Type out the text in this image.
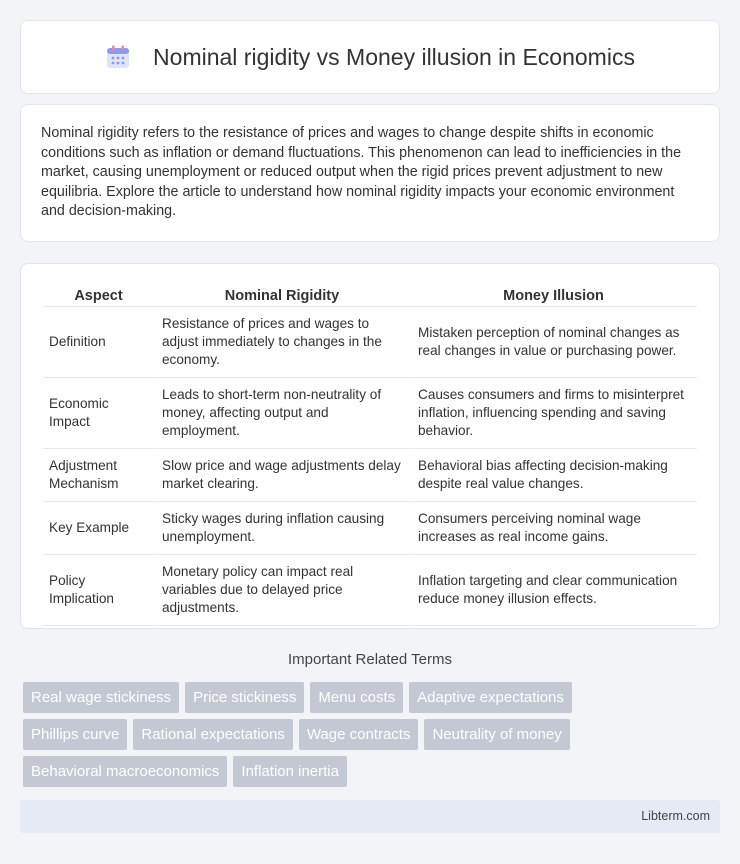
Nominal rigidity vs Money illusion in Economics

Nominal rigidity refers to the resistance of prices and wages to change despite shifts in economic conditions such as inflation or demand fluctuations. This phenomenon can lead to inefficiencies in the market, causing unemployment or reduced output when the rigid prices prevent adjustment to new equilibria. Explore the article to understand how nominal rigidity impacts your economic environment and decision-making.

Aspect	Nominal Rigidity	Money Illusion
Definition	Resistance of prices and wages to adjust immediately to changes in the economy.	Mistaken perception of nominal changes as real changes in value or purchasing power.
Economic Impact	Leads to short-term non-neutrality of money, affecting output and employment.	Causes consumers and firms to misinterpret inflation, influencing spending and saving behavior.
Adjustment Mechanism	Slow price and wage adjustments delay market clearing.	Behavioral bias affecting decision-making despite real value changes.
Key Example	Sticky wages during inflation causing unemployment.	Consumers perceiving nominal wage increases as real income gains.
Policy Implication	Monetary policy can impact real variables due to delayed price adjustments.	Inflation targeting and clear communication reduce money illusion effects.
Important Related Terms
Real wage stickiness	Price stickiness	Menu costs	Adaptive expectations
Phillips curve	Rational expectations	Wage contracts	Neutrality of money
Behavioral macroeconomics	Inflation inertia
Libterm.com
